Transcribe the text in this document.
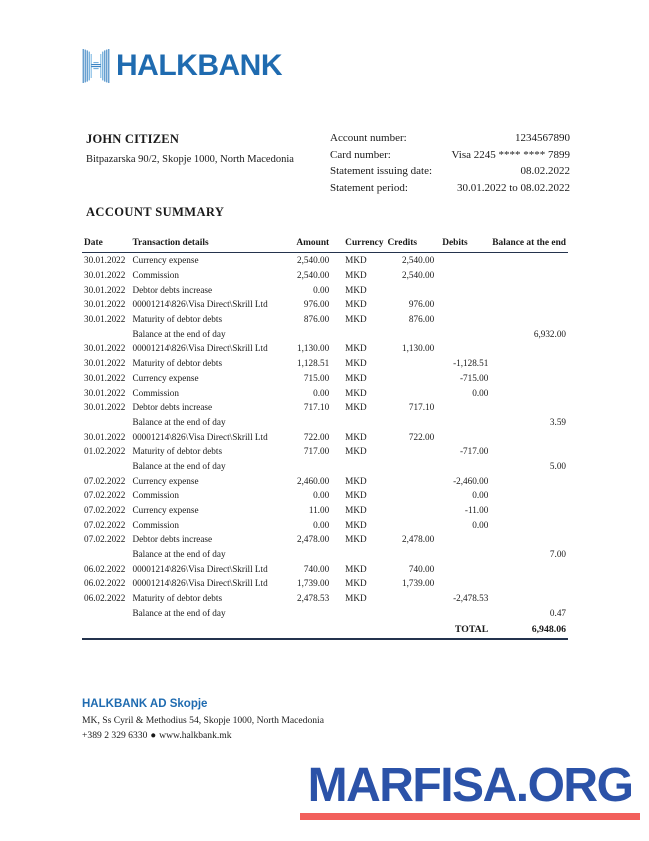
HALKBANK

JOHN CITIZEN

Bitpazarska 90/2, Skopje 1000, North Macedonia

Account number:	1234567890
Card number:	Visa 2245 **** **** 7899
Statement issuing date:	08.02.2022
Statement period:	30.01.2022 to 08.02.2022
ACCOUNT SUMMARY
Date	Transaction details	Amount	Currency	Credits	Debits	Balance at the end
30.01.2022	Currency expense	2,540.00	MKD	2,540.00		
30.01.2022	Commission	2,540.00	MKD	2,540.00		
30.01.2022	Debtor debts increase	0.00	MKD			
30.01.2022	00001214\826\Visa Direct\Skrill Ltd	976.00	MKD	976.00		
30.01.2022	Maturity of debtor debts	876.00	MKD	876.00		
	Balance at the end of day					6,932.00
30.01.2022	00001214\826\Visa Direct\Skrill Ltd	1,130.00	MKD	1,130.00		
30.01.2022	Maturity of debtor debts	1,128.51	MKD		-1,128.51	
30.01.2022	Currency expense	715.00	MKD		-715.00	
30.01.2022	Commission	0.00	MKD		0.00	
30.01.2022	Debtor debts increase	717.10	MKD	717.10		
	Balance at the end of day					3.59
30.01.2022	00001214\826\Visa Direct\Skrill Ltd	722.00	MKD	722.00		
01.02.2022	Maturity of debtor debts	717.00	MKD		-717.00	
	Balance at the end of day					5.00
07.02.2022	Currency expense	2,460.00	MKD		-2,460.00	
07.02.2022	Commission	0.00	MKD		0.00	
07.02.2022	Currency expense	11.00	MKD		-11.00	
07.02.2022	Commission	0.00	MKD		0.00	
07.02.2022	Debtor debts increase	2,478.00	MKD	2,478.00		
	Balance at the end of day					7.00
06.02.2022	00001214\826\Visa Direct\Skrill Ltd	740.00	MKD	740.00		
06.02.2022	00001214\826\Visa Direct\Skrill Ltd	1,739.00	MKD	1,739.00		
06.02.2022	Maturity of debtor debts	2,478.53	MKD		-2,478.53	
	Balance at the end of day					0.47
					TOTAL	6,948.06

HALKBANK AD Skopje

MK, Ss Cyril & Methodius 54, Skopje 1000, North Macedonia

+389 2 329 6330 ● www.halkbank.mk

MARFISA.ORG
